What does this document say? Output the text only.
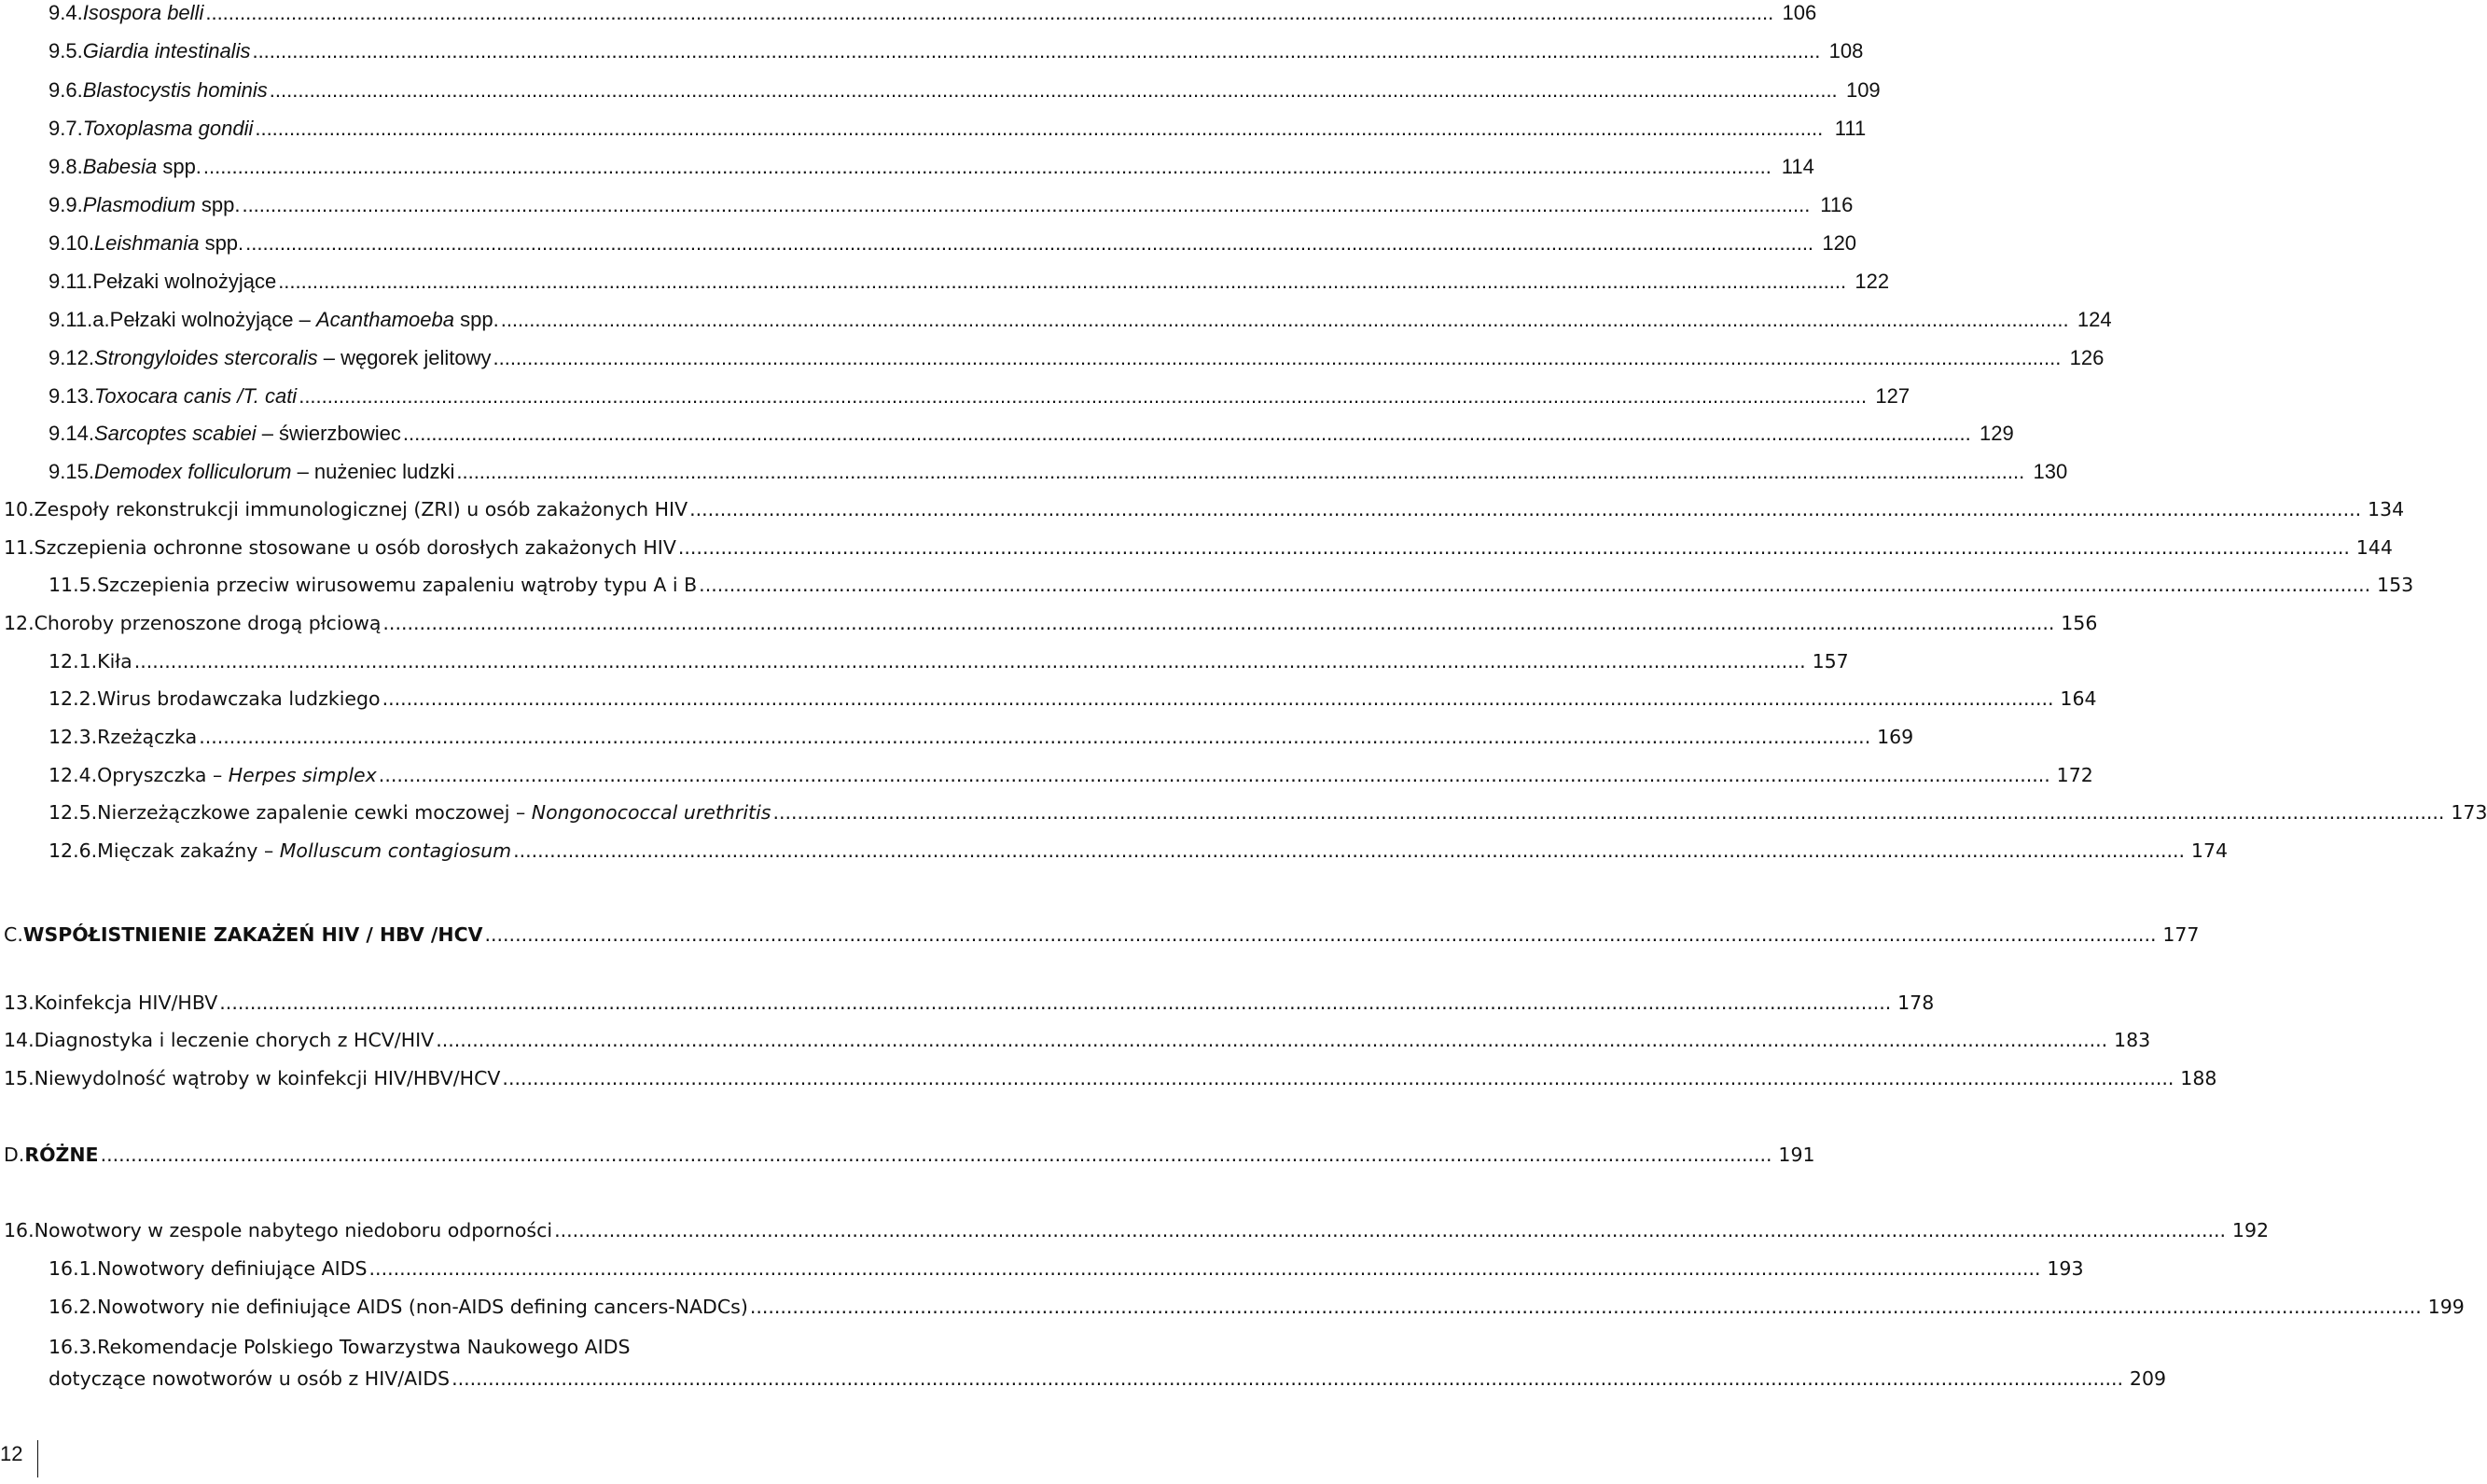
9.4. Isospora belli .....	106
9.5. Giardia intestinalis .....	108
9.6. Blastocystis hominis .....	109
9.7. Toxoplasma gondii .....	111
9.8. Babesia spp. .....	114
9.9. Plasmodium spp. .....	116
9.10. Leishmania spp. .....	120
9.11. Pełzaki wolnożyjące .....	122
9.11.a. Pełzaki wolnożyjące – Acanthamoeba spp. .....	124
9.12. Strongyloides stercoralis – węgorek jelitowy .....	126
9.13. Toxocara canis /T. cati .....	127
9.14. Sarcoptes scabiei – świerzbowiec .....	129
9.15. Demodex folliculorum – nużeniec ludzki .....	130
10. Zespoły rekonstrukcji immunologicznej (ZRI) u osób zakażonych HIV .....	134
11. Szczepienia ochronne stosowane u osób dorosłych zakażonych HIV .....	144
11.5. Szczepienia przeciw wirusowemu zapaleniu wątroby typu A i B .....	153
12. Choroby przenoszone drogą płciową .....	156
12.1. Kiła .....	157
12.2. Wirus brodawczaka ludzkiego .....	164
12.3. Rzeżączka .....	169
12.4. Opryszczka – Herpes simplex .....	172
12.5. Nierzeżączkowe zapalenie cewki moczowej – Nongonococcal urethritis .....	173
12.6. Mięczak zakaźny – Molluscum contagiosum .....	174
C. WSPÓŁISTNIENIE ZAKAŻEŃ HIV / HBV /HCV .....	177
13. Koinfekcja HIV/HBV .....	178
14. Diagnostyka i leczenie chorych z HCV/HIV .....	183
15. Niewydolność wątroby w koinfekcji HIV/HBV/HCV .....	188
D. RÓŻNE .....	191
16. Nowotwory w zespole nabytego niedoboru odporności .....	192
16.1. Nowotwory definiujące AIDS .....	193
16.2. Nowotwory nie definiujące AIDS (non-AIDS defining cancers-NADCs) .....	199
16.3. Rekomendacje Polskiego Towarzystwa Naukowego AIDS
dotyczące nowotworów u osób z HIV/AIDS .....	209
12
